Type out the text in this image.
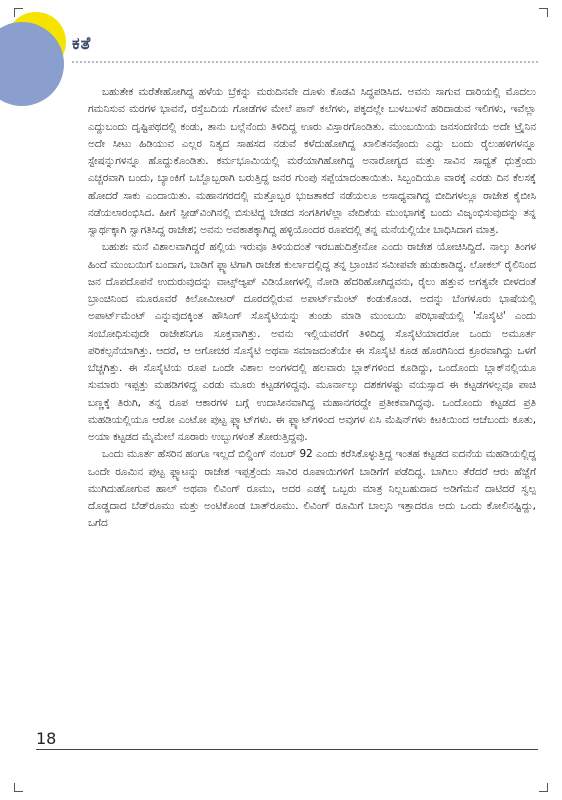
ಕತೆ

ಬಹುತೇಕ ಮರೆತೇಹೋಗಿದ್ದ ಹಳೆಯ ಬ್ರೆಕನ್ನು ಮರುದಿನವೇ ದೂಳು ಕೊಡವಿ ಸಿದ್ಧಪಡಿಸಿದ. ಅವನು ಸಾಗುವ ದಾರಿಯಲ್ಲಿ ಮೊದಲು ಗಮನಿಸುವ ಮರಗಳ ಭಾವನೆ, ರಸ್ತೆಬದಿಯ ಗೋಡೆಗಳ ಮೇಲೆ ಪಾನ್ ಕಲೆಗಳು, ಪಕ್ಕದಲ್ಲೇ ಬುಳಬುಳನೆ ಹರಿದಾಡುವ ಇಲಿಗಳು, ಇವೆಲ್ಲಾ ಎದ್ದುಬಂದು ದೃಷ್ಟಿಪಥದಲ್ಲಿ ಕಂಡು, ತಾನು ಬಲ್ಲೆನೆಂದು ತಿಳಿದಿದ್ದ ಊರು ವಿಸ್ತಾರಗೊಂಡಿತು. ಮುಂಬಯಿಯ ಜನಸಂದಣಿಯ ಅದೇ ಟ್ರೈನಿನ ಅದೇ ಸೀಟು ಹಿಡಿಯುವ ಎಲ್ಲರ ನಿತ್ಯದ ಸಾಹಸದ ನಡುವೆ ಕಳೆದುಹೋಗಿದ್ದ ಖಾಲಿತನವೊಂದು ಎದ್ದು ಬಂದು ರೈಲುಹಳಿಗಳನ್ನೂ ಸ್ಟೇಷನ್ನುಗಳನ್ನೂ ಹೊದ್ದುಕೊಂಡಿತು. ಕರ್ಮಭೂಮಿಯಲ್ಲಿ ಮರೆಯಾಗಿಹೋಗಿದ್ದ ಅನಾರೋಗ್ಯದ ಮತ್ತು ಸಾವಿನ ಸಾಧ್ಯತೆ ಧುತ್ತೆಂದು ಎಚ್ಚರವಾಗಿ ಬಂದು, ಬ್ಯಾಂಕಿಗೆ ಒಬ್ಬೊಬ್ಬರಾಗಿ ಬರುತ್ತಿದ್ದ ಜನರ ಗುಂಪು ಸಪ್ಪೆಯಾದಂತಾಯಿತು. ಸಿಬ್ಬಂದಿಯೂ ವಾರಕ್ಕೆ ಎರಡು ದಿನ ಕೆಲಸಕ್ಕೆ ಹೋದರೆ ಸಾಕು ಎಂದಾಯಿತು. ಮಹಾನಗರದಲ್ಲಿ ಮತ್ತೊಬ್ಬರ ಭುಜತಾಕದೆ ನಡೆಯಲೂ ಅಸಾಧ್ಯವಾಗಿದ್ದ ಬೀದಿಗಳಲ್ಲೂ ರಾಜೇಶ ಕೈಬೀಸಿ ನಡೆಯಲಾರಂಭಿಸಿದ. ಹೀಗೆ ಸ್ಪೀಡ್‌ವಿಂಗಿನಲ್ಲಿ ಬಿಸುಟಿದ್ದ ಬೇಡದ ಸಂಗತಿಗಳೆಲ್ಲಾ ವೇದಿಕೆಯ ಮುಂಭಾಗಕ್ಕೆ ಬಂದು ವಿಜೃಂಭಿಸುವುದನ್ನು ತನ್ನ ಸ್ವಾರ್ಥಕ್ಕಾಗಿ ಸ್ವಾಗತಿಸಿದ್ದ ರಾಜೇಶ; ಅವನು ಅವಕಾಶಕ್ಕಾಗಿದ್ದ ಹಳ್ಳಿಯೊಂದರ ರೂಪದಲ್ಲಿ ತನ್ನ ಮನೆಯಲ್ಲಿಯೇ ಬಾಧಿಸಿದಾಗ ಮಾತ್ರ.

ಬಹುಶಃ ಮನೆ ವಿಶಾಲವಾಗಿದ್ದರೆ ಹಲ್ಲಿಯ ಇರುವೂ ತಿಳಿಯದಂತೆ ಇರಬಹುದಿತ್ತೇನೋ ಎಂದು ರಾಜೇಶ ಯೋಚಿಸಿದ್ದಿದೆ. ನಾಲ್ಕು ತಿಂಗಳ ಹಿಂದೆ ಮುಂಬಯಿಗೆ ಬಂದಾಗ, ಬಾಡಿಗೆ ಫ್ಲ್ಯಾಟಿಗಾಗಿ ರಾಜೇಶ ಕುರ್ಲಾದಲ್ಲಿದ್ದ ತನ್ನ ಬ್ರಾಂಚಿನ ಸಮೀಪವೇ ಹುಡುಕಾಡಿದ್ದ. ಲೋಕಲ್ ರೈಲಿನಿಂದ ಜನ ದೊಪದೊಪನೆ ಉದುರುವುದನ್ನು ವಾಟ್ಸ್‌ಆ್ಯಪ್ ವಿಡಿಯೋಗಳಲ್ಲಿ ನೋಡಿ ಹೆದರಿಹೋಗಿದ್ದವನು, ರೈಲು ಹತ್ತುವ ಅಗತ್ಯವೇ ಬೀಳದಂತೆ ಬ್ರಾಂಚಿನಿಂದ ಮೂರೂವರೆ ಕಿಲೋಮೀಟರ್ ದೂರದಲ್ಲಿರುವ ಅಪಾರ್ಟ್‌ಮೆಂಟ್ ಕಂಡುಕೊಂಡ. ಅದನ್ನು ಬೆಂಗಳೂರು ಭಾಷೆಯಲ್ಲಿ ಅಪಾರ್ಟ್‌ಮೆಂಟ್ ಎನ್ನುವುದಕ್ಕಿಂತ ಹೌಸಿಂಗ್ ಸೊಸೈಟಿಯನ್ನು ತುಂಡು ಮಾಡಿ ಮುಂಬಯಿ ಪರಿಭಾಷೆಯಲ್ಲಿ 'ಸೊಸೈಟಿ' ಎಂದು ಸಂಬೋಧಿಸುವುದೇ ರಾಜೇಶನಿಗೂ ಸೂಕ್ತವಾಗಿತ್ತು. ಅವನು ಇಲ್ಲಿಯವರೆಗೆ ತಿಳಿದಿದ್ದ ಸೊಸೈಟಿಯಾದರೋ ಒಂದು ಅಮೂರ್ತ ಪರಿಕಲ್ಪನೆಯಾಗಿತ್ತು. ಆದರೆ, ಆ ಅಗೋಚರ ಸೊಸೈಟಿ ಅಥವಾ ಸಮಾಜದಂತೆಯೇ ಈ ಸೊಸೈಟಿ ಕೂಡ ಹೊರಗಿನಿಂದ ಕ್ರೂರವಾಗಿದ್ದು ಒಳಗೆ ಬೆಚ್ಚಗಿತ್ತು. ಈ ಸೊಸೈಟಿಯ ರೂಪ ಒಂದೇ ವಿಶಾಲ ಅಂಗಳದಲ್ಲಿ ಹಲವಾರು ಬ್ಲಾಕ್‌ಗಳಿಂದ ಕೂಡಿದ್ದು, ಒಂದೊಂದು ಬ್ಲಾಕ್‌ನಲ್ಲಿಯೂ ಸುಮಾರು ಇಪ್ಪತ್ತು ಮಹಡಿಗಳಿದ್ದ ಎರಡು ಮೂರು ಕಟ್ಟಡಗಳಿದ್ದವು. ಮೂರ್ನಾಲ್ಕು ದಶಕಗಳಷ್ಟು ವಯಸ್ಸಾದ ಈ ಕಟ್ಟಡಗಳಲ್ಲವೂ ಪಾಚಿ ಬಣ್ಣಕ್ಕೆ ತಿರುಗಿ, ತನ್ನ ರೂಪ ಆಕಾರಗಳ ಬಗ್ಗೆ ಉದಾಸೀನವಾಗಿದ್ದ ಮಹಾನಗರದ್ದೇ ಪ್ರತೀಕವಾಗಿದ್ದವು. ಒಂದೊಂದು ಕಟ್ಟಡದ ಪ್ರತಿ ಮಹಡಿಯಲ್ಲಿಯೂ ಆರೋ ಎಂಟೋ ಪುಟ್ಟ ಫ್ಲ್ಯಾಟ್‌ಗಳು. ಈ ಫ್ಲ್ಯಾಟ್‌ಗಳಿಂದ ಅವುಗಳ ಏಸಿ ಮೆಷಿನ್‌ಗಳು ಕಿಟಕಿಯಿಂದ ಆಚೆಬಂದು ಕೂತು, ಅಯಾ ಕಟ್ಟಡದ ಮೈಮೇಲೆ ನೂರಾರು ಉಬ್ಬುಗಳಂತೆ ತೋರುತ್ತಿದ್ದವು.

ಒಂದು ಮೂರ್ತ ಹೆಸರಿನ ಹಂಗೂ ಇಲ್ಲದೆ ಬಿಲ್ಡಿಂಗ್ ನಂಬರ್ 92 ಎಂದು ಕರೆಸಿಕೊಳ್ಳುತ್ತಿದ್ದ ಇಂತಹ ಕಟ್ಟಡದ ಐದನೆಯ ಮಹಡಿಯಲ್ಲಿದ್ದ ಒಂದೇ ರೂಮಿನ ಪುಟ್ಟ ಫ್ಲ್ಯಾಟನ್ನು ರಾಜೇಶ ಇಪ್ಪತ್ತೆಂದು ಸಾವಿರ ರೂಪಾಯಿಗಳಿಗೆ ಬಾಡಿಗೆಗೆ ಪಡೆದಿದ್ದ. ಬಾಗಿಲು ತೆರೆದರೆ ಆರು ಹೆಜ್ಜೆಗೆ ಮುಗಿದುಹೋಗುವ ಹಾಲ್ ಅಥವಾ ಲಿವಿಂಗ್ ರೂಮು, ಅದರ ಎಡಕ್ಕೆ ಒಬ್ಬರು ಮಾತ್ರ ನಿಲ್ಲಬಹುದಾದ ಅಡಿಗೆಮನೆ ದಾಟಿದರೆ ಸ್ವಲ್ಪ ದೊಡ್ಡದಾದ ಬೆಡ್‌ರೂಮು ಮತ್ತು ಅಂಟಿಕೊಂಡ ಬಾತ್‌ರೂಮು. ಲಿವಿಂಗ್ ರೂಮಿಗೆ ಬಾಲ್ಕನಿ ಇತ್ತಾದರೂ ಅದು ಒಂದು ಕೋಲಿನಷ್ಟಿದ್ದು, ಒಗೆದ

18
